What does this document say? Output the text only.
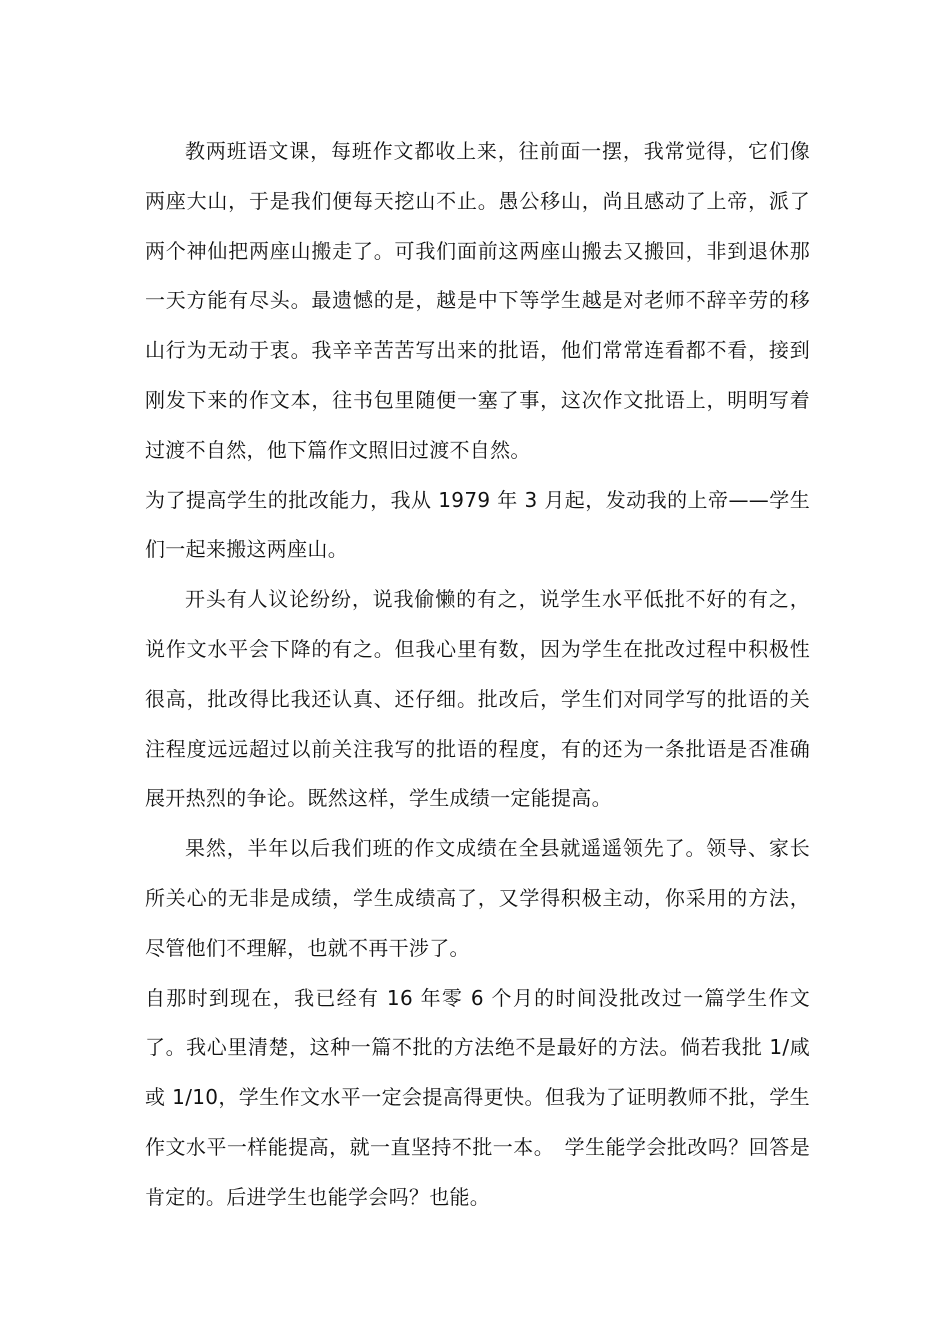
教两班语文课，每班作文都收上来，往前面一摆，我常觉得，它们像两座大山，于是我们便每天挖山不止。愚公移山，尚且感动了上帝，派了两个神仙把两座山搬走了。可我们面前这两座山搬去又搬回，非到退休那一天方能有尽头。最遗憾的是，越是中下等学生越是对老师不辞辛劳的移山行为无动于衷。我辛辛苦苦写出来的批语，他们常常连看都不看，接到刚发下来的作文本，往书包里随便一塞了事，这次作文批语上，明明写着过渡不自然，他下篇作文照旧过渡不自然。

为了提高学生的批改能力，我从 1979 年 3 月起，发动我的上帝——学生们一起来搬这两座山。

开头有人议论纷纷，说我偷懒的有之，说学生水平低批不好的有之，说作文水平会下降的有之。但我心里有数，因为学生在批改过程中积极性很高，批改得比我还认真、还仔细。批改后，学生们对同学写的批语的关注程度远远超过以前关注我写的批语的程度，有的还为一条批语是否准确展开热烈的争论。既然这样，学生成绩一定能提高。

果然，半年以后我们班的作文成绩在全县就遥遥领先了。领导、家长所关心的无非是成绩，学生成绩高了，又学得积极主动，你采用的方法，尽管他们不理解，也就不再干涉了。

自那时到现在，我已经有 16 年零 6 个月的时间没批改过一篇学生作文了。我心里清楚，这种一篇不批的方法绝不是最好的方法。倘若我批 1/咸或 1/10，学生作文水平一定会提高得更快。但我为了证明教师不批，学生作文水平一样能提高，就一直坚持不批一本。　学生能学会批改吗？回答是肯定的。后进学生也能学会吗？也能。
